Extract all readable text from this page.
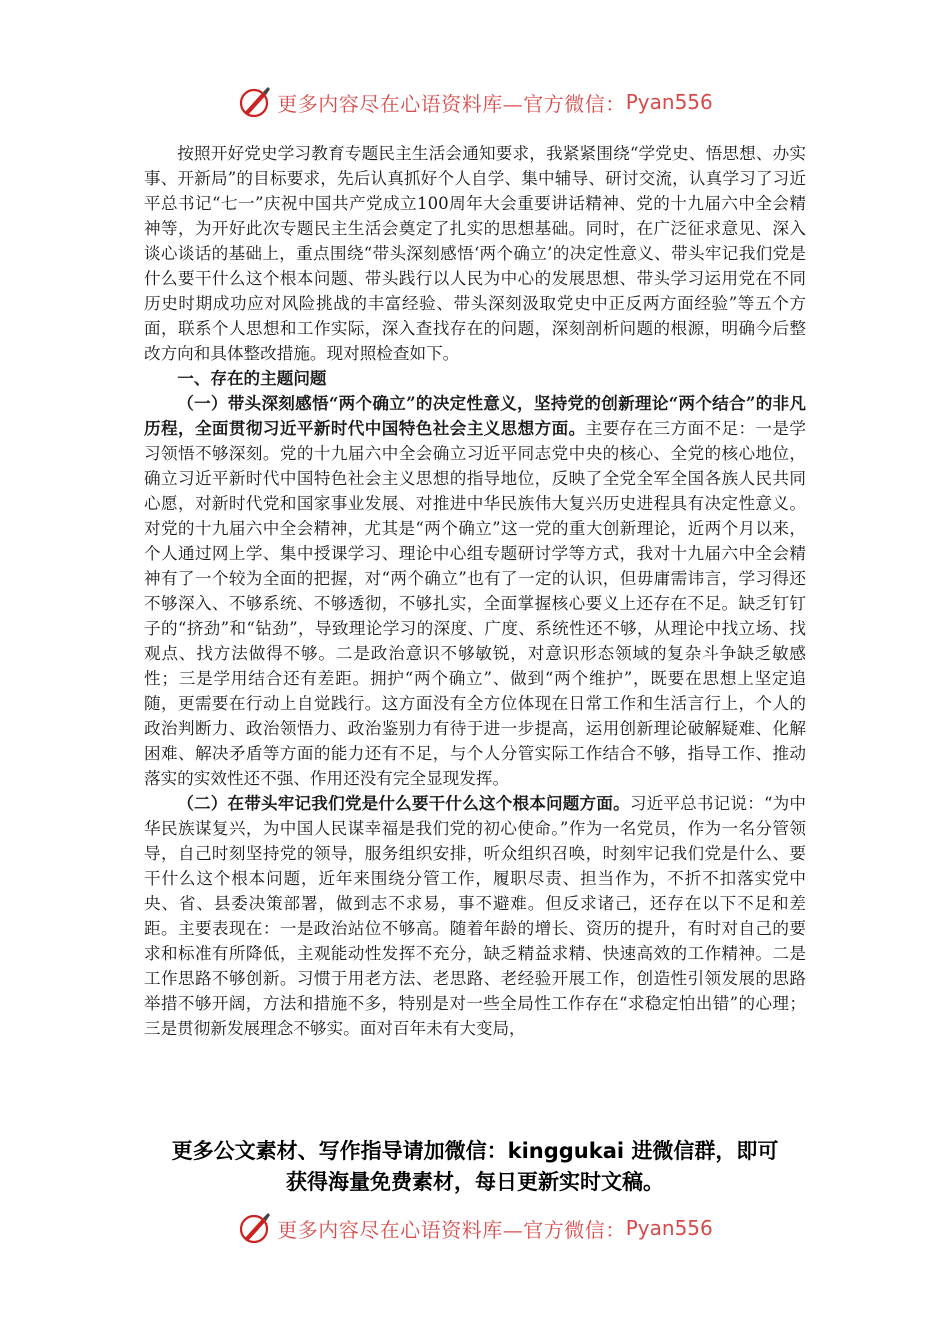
更多内容尽在心语资料库—官方微信： Pyan556

按照开好党史学习教育专题民主生活会通知要求，我紧紧围绕“学党史、悟思想、办实事、开新局”的目标要求，先后认真抓好个人自学、集中辅导、研讨交流，认真学习了习近平总书记“七一”庆祝中国共产党成立100周年大会重要讲话精神、党的十九届六中全会精神等，为开好此次专题民主生活会奠定了扎实的思想基础。同时，在广泛征求意见、深入谈心谈话的基础上，重点围绕“带头深刻感悟‘两个确立’的决定性意义、带头牢记我们党是什么要干什么这个根本问题、带头践行以人民为中心的发展思想、带头学习运用党在不同历史时期成功应对风险挑战的丰富经验、带头深刻汲取党史中正反两方面经验”等五个方面，联系个人思想和工作实际，深入查找存在的问题，深刻剖析问题的根源，明确今后整改方向和具体整改措施。现对照检查如下。

一、存在的主题问题

（一）带头深刻感悟“两个确立”的决定性意义，坚持党的创新理论“两个结合”的非凡历程，全面贯彻习近平新时代中国特色社会主义思想方面。主要存在三方面不足：一是学习领悟不够深刻。党的十九届六中全会确立习近平同志党中央的核心、全党的核心地位，确立习近平新时代中国特色社会主义思想的指导地位，反映了全党全军全国各族人民共同心愿，对新时代党和国家事业发展、对推进中华民族伟大复兴历史进程具有决定性意义。对党的十九届六中全会精神，尤其是“两个确立”这一党的重大创新理论，近两个月以来，个人通过网上学、集中授课学习、理论中心组专题研讨学等方式，我对十九届六中全会精神有了一个较为全面的把握，对“两个确立”也有了一定的认识，但毋庸需讳言，学习得还不够深入、不够系统、不够透彻，不够扎实，全面掌握核心要义上还存在不足。缺乏钉钉子的“挤劲”和“钻劲”，导致理论学习的深度、广度、系统性还不够，从理论中找立场、找观点、找方法做得不够。二是政治意识不够敏锐，对意识形态领域的复杂斗争缺乏敏感性；三是学用结合还有差距。拥护“两个确立”、做到“两个维护”，既要在思想上坚定追随，更需要在行动上自觉践行。这方面没有全方位体现在日常工作和生活言行上，个人的政治判断力、政治领悟力、政治鉴别力有待于进一步提高，运用创新理论破解疑难、化解困难、解决矛盾等方面的能力还有不足，与个人分管实际工作结合不够，指导工作、推动落实的实效性还不强、作用还没有完全显现发挥。

（二）在带头牢记我们党是什么要干什么这个根本问题方面。习近平总书记说：“为中华民族谋复兴，为中国人民谋幸福是我们党的初心使命。”作为一名党员，作为一名分管领导，自己时刻坚持党的领导，服务组织安排，听众组织召唤，时刻牢记我们党是什么、要干什么这个根本问题，近年来围绕分管工作，履职尽责、担当作为，不折不扣落实党中央、省、县委决策部署，做到志不求易，事不避难。但反求诸己，还存在以下不足和差距。主要表现在：一是政治站位不够高。随着年龄的增长、资历的提升，有时对自己的要求和标准有所降低，主观能动性发挥不充分，缺乏精益求精、快速高效的工作精神。二是工作思路不够创新。习惯于用老方法、老思路、老经验开展工作，创造性引领发展的思路举措不够开阔，方法和措施不多，特别是对一些全局性工作存在“求稳定怕出错”的心理；三是贯彻新发展理念不够实。面对百年未有大变局，

更多公文素材、写作指导请加微信：kinggukai 进微信群，即可
获得海量免费素材，每日更新实时文稿。
更多内容尽在心语资料库—官方微信： Pyan556
